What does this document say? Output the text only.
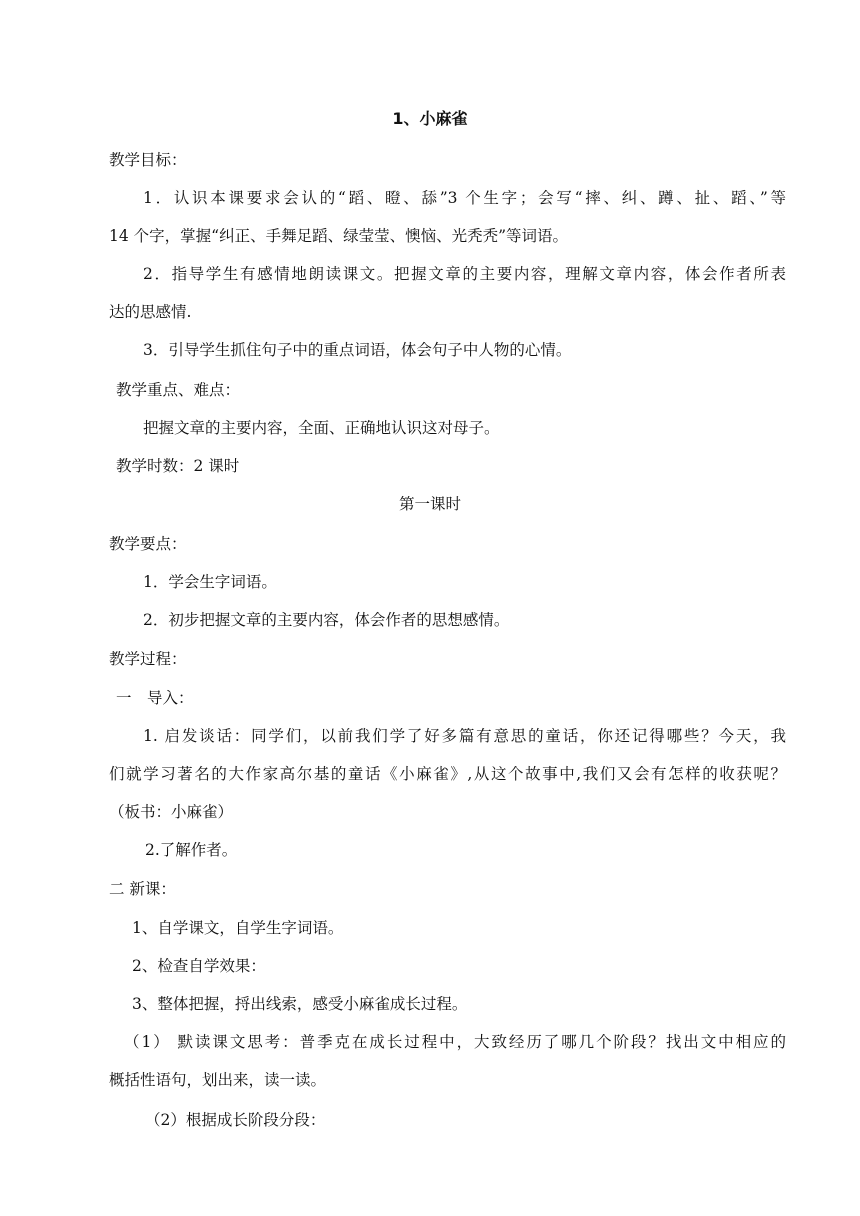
1、小麻雀
教学目标：
1．认识本课要求会认的“蹈、瞪、舔”3 个生字；会写“摔、纠、蹲、扯、蹈、”等
14 个字，掌握“纠正、手舞足蹈、绿莹莹、懊恼、光秃秃”等词语。
2．指导学生有感情地朗读课文。把握文章的主要内容，理解文章内容，体会作者所表
达的思感情.
3．引导学生抓住句子中的重点词语，体会句子中人物的心情。
教学重点、难点：
把握文章的主要内容，全面、正确地认识这对母子。
教学时数：2 课时
第一课时
教学要点：
1．学会生字词语。
2．初步把握文章的主要内容，体会作者的思想感情。
教学过程：
一　导入：
1. 启发谈话：同学们，以前我们学了好多篇有意思的童话，你还记得哪些？今天，我
们就学习著名的大作家高尔基的童话《小麻雀》,从这个故事中,我们又会有怎样的收获呢？
（板书：小麻雀）
2.了解作者。
二 新课：
1、自学课文，自学生字词语。
2、检查自学效果：
3、整体把握，捋出线索，感受小麻雀成长过程。
（1） 默读课文思考：普季克在成长过程中，大致经历了哪几个阶段？找出文中相应的
概括性语句，划出来，读一读。
（2）根据成长阶段分段：
